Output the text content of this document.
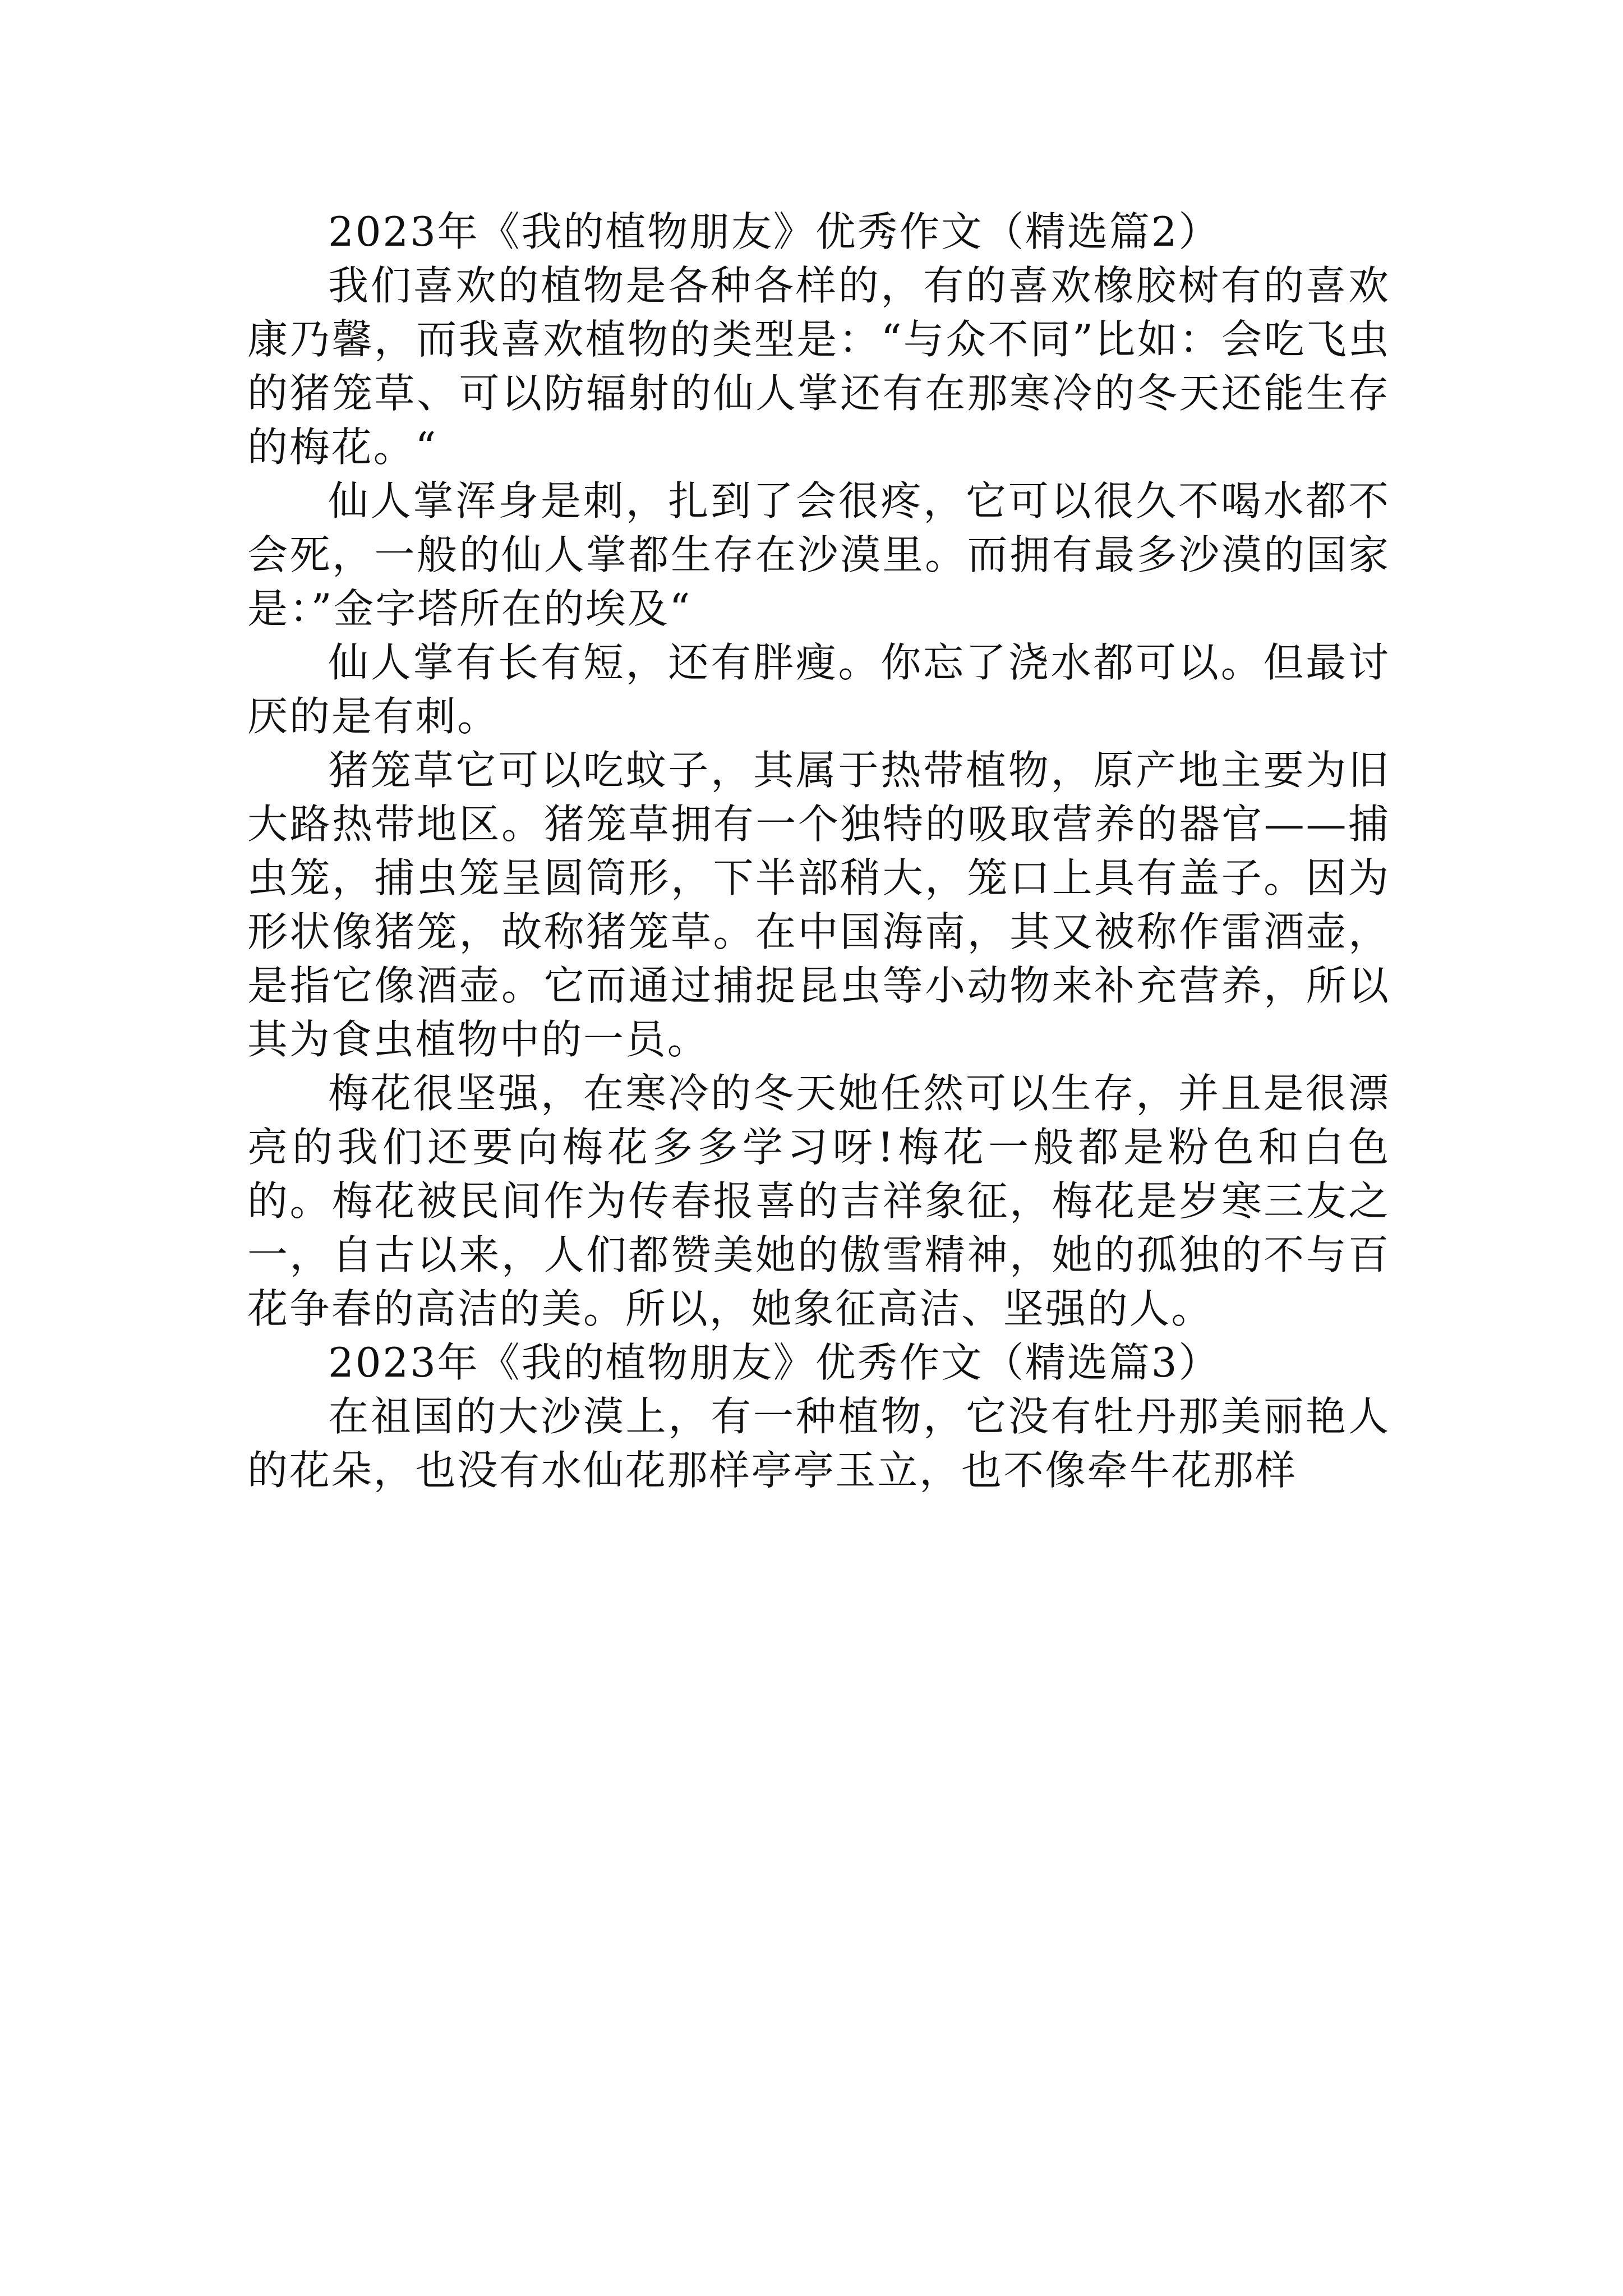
2023年《我的植物朋友》优秀作文（精选篇2）

我们喜欢的植物是各种各样的，有的喜欢橡胶树有的喜欢康乃馨，而我喜欢植物的类型是：“与众不同”比如：会吃飞虫的猪笼草、可以防辐射的仙人掌还有在那寒冷的冬天还能生存的梅花。“

仙人掌浑身是刺，扎到了会很疼，它可以很久不喝水都不会死，一般的仙人掌都生存在沙漠里。而拥有最多沙漠的国家是：”金字塔所在的埃及“

仙人掌有长有短，还有胖瘦。你忘了浇水都可以。但最讨厌的是有刺。

猪笼草它可以吃蚊子，其属于热带植物，原产地主要为旧大路热带地区。猪笼草拥有一个独特的吸取营养的器官——捕虫笼，捕虫笼呈圆筒形，下半部稍大，笼口上具有盖子。因为形状像猪笼，故称猪笼草。在中国海南，其又被称作雷酒壶，是指它像酒壶。它而通过捕捉昆虫等小动物来补充营养，所以其为食虫植物中的一员。

梅花很坚强，在寒冷的冬天她任然可以生存，并且是很漂亮的我们还要向梅花多多学习呀!梅花一般都是粉色和白色的。梅花被民间作为传春报喜的吉祥象征，梅花是岁寒三友之一，自古以来，人们都赞美她的傲雪精神，她的孤独的不与百花争春的高洁的美。所以，她象征高洁、坚强的人。

2023年《我的植物朋友》优秀作文（精选篇3）

在祖国的大沙漠上，有一种植物，它没有牡丹那美丽艳人的花朵，也没有水仙花那样亭亭玉立，也不像牵牛花那样
